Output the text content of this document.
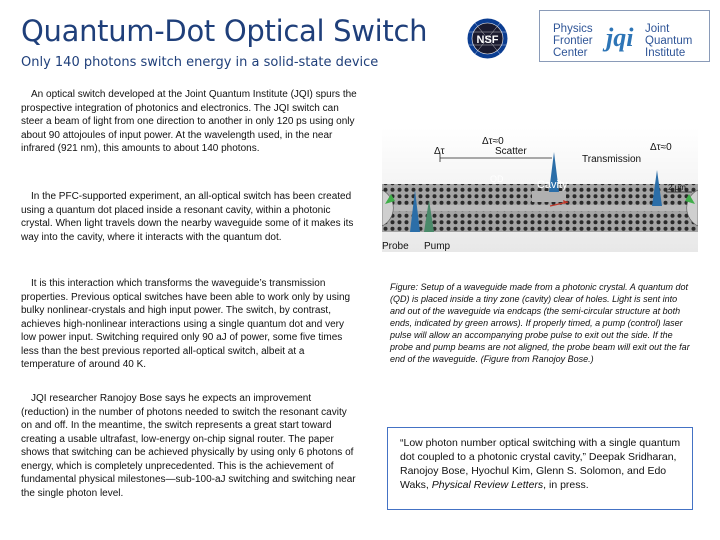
Quantum-Dot Optical Switch
Only 140 photons switch energy in a solid-state device
NSF
Physics
Frontier
Center
jqi Joint
Quantum
Institute

An optical switch developed at the Joint Quantum Institute (JQI) spurs the prospective integration of photonics and electronics. The JQI switch can steer a beam of light from one direction to another in only 120 ps using only about 90 attojoules of input power. At the wavelength used, in the near infrared (921 nm), this amounts to about 140 photons.

In the PFC-supported experiment, an all-optical switch has been created using a quantum dot placed inside a resonant cavity, within a photonic crystal. When light travels down the nearby waveguide some of it makes its way into the cavity, where it interacts with the quantum dot.

It is this interaction which transforms the waveguide’s transmission properties. Previous optical switches have been able to work only by using bulky nonlinear-crystals and high input power. The switch, by contrast, achieves high-nonlinear interactions using a single quantum dot and very low power input. Switching required only 90 aJ of power, some five times less than the best previous reported all-optical switch, albeit at a temperature of around 40 K.

JQI researcher Ranojoy Bose says he expects an improvement (reduction) in the number of photons needed to switch the resonant cavity on and off. In the meantime, the switch represents a great start toward creating a usable ultrafast, low-energy on-chip signal router. The paper shows that switching can be achieved physically by using only 6 photons of energy, which is completely unprecedented. This is the achievement of fundamental physical milestones—sub-100-aJ switching and switching near the single photon level.

Δτ≈0
Δτ	Scatter
Transmission
Δτ≈0
2 μm
QD	Cavity
Probe Pump

Figure: Setup of a waveguide made from a photonic crystal. A quantum dot (QD) is placed inside a tiny zone (cavity) clear of holes. Light is sent into and out of the waveguide via endcaps (the semi-circular structure at both ends, indicated by green arrows). If properly timed, a pump (control) laser pulse will allow an accompanying probe pulse to exit out the side. If the probe and pump beams are not aligned, the probe beam will exit out the far end of the waveguide. (Figure from Ranojoy Bose.)

“Low photon number optical switching with a single quantum dot coupled to a photonic crystal cavity,” Deepak Sridharan, Ranojoy Bose, Hyochul Kim, Glenn S. Solomon, and Edo Waks, Physical Review Letters, in press.
